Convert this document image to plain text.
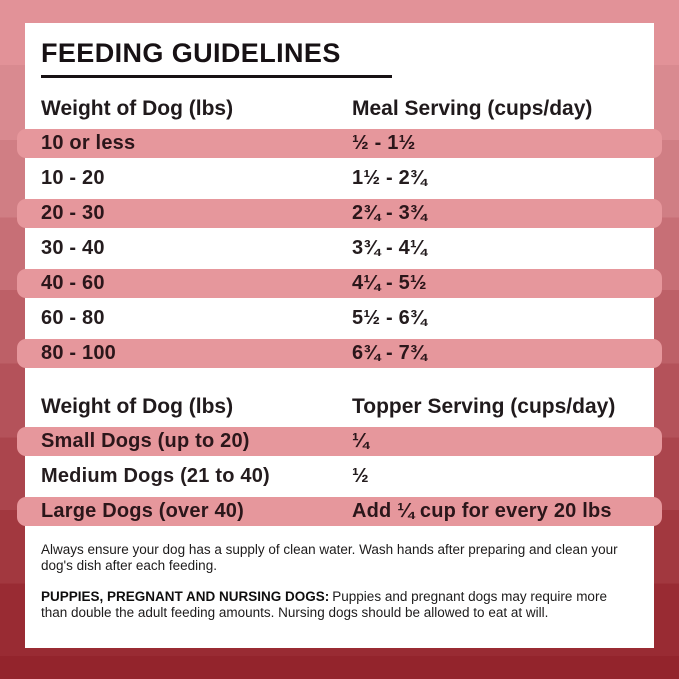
FEEDING GUIDELINES
Weight of Dog (lbs)	Meal Serving (cups/day)
10 or less	½ - 1½
10 - 20	1½ - 2¾
20 - 30	2¾ - 3¾
30 - 40	3¾ - 4¼
40 - 60	4¼ - 5½
60 - 80	5½ - 6¾
80 - 100	6¾ - 7¾
Weight of Dog (lbs)	Topper Serving (cups/day)
Small Dogs (up to 20)	¼
Medium Dogs (21 to 40)	½
Large Dogs (over 40)	Add ¼ cup for every 20 lbs
Always ensure your dog has a supply of clean water. Wash hands after preparing and clean your dog's dish after each feeding.
PUPPIES, PREGNANT AND NURSING DOGS: Puppies and pregnant dogs may require more than double the adult feeding amounts. Nursing dogs should be allowed to eat at will.
